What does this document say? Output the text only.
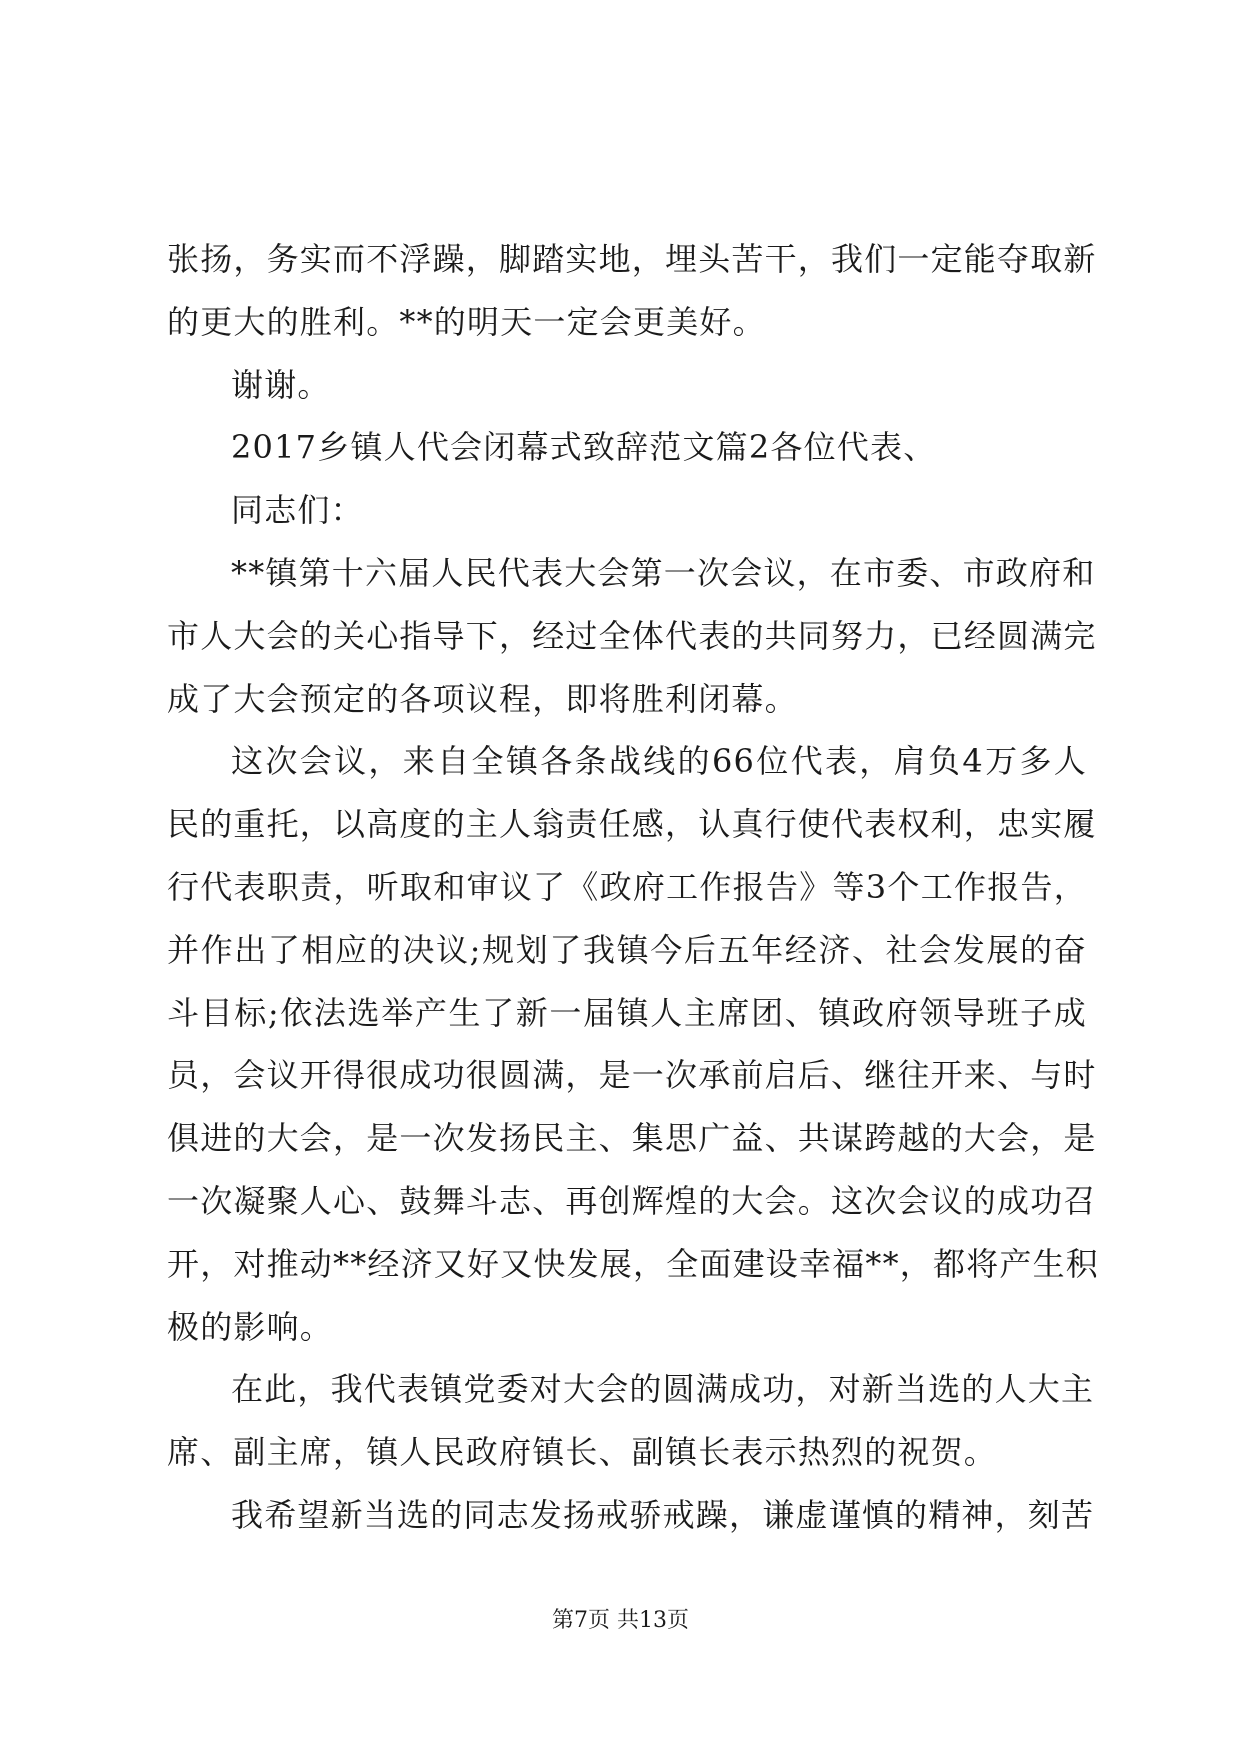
张扬，务实而不浮躁，脚踏实地，埋头苦干，我们一定能夺取新
的更大的胜利。**的明天一定会更美好。
谢谢。
2017乡镇人代会闭幕式致辞范文篇2各位代表、
同志们：
**镇第十六届人民代表大会第一次会议，在市委、市政府和
市人大会的关心指导下，经过全体代表的共同努力，已经圆满完
成了大会预定的各项议程，即将胜利闭幕。
这次会议，来自全镇各条战线的66位代表，肩负4万多人
民的重托，以高度的主人翁责任感，认真行使代表权利，忠实履
行代表职责，听取和审议了《政府工作报告》等3个工作报告，
并作出了相应的决议;规划了我镇今后五年经济、社会发展的奋
斗目标;依法选举产生了新一届镇人主席团、镇政府领导班子成
员，会议开得很成功很圆满，是一次承前启后、继往开来、与时
俱进的大会，是一次发扬民主、集思广益、共谋跨越的大会，是
一次凝聚人心、鼓舞斗志、再创辉煌的大会。这次会议的成功召
开，对推动**经济又好又快发展，全面建设幸福**，都将产生积
极的影响。
在此，我代表镇党委对大会的圆满成功，对新当选的人大主
席、副主席，镇人民政府镇长、副镇长表示热烈的祝贺。
我希望新当选的同志发扬戒骄戒躁，谦虚谨慎的精神，刻苦
第7页 共13页
